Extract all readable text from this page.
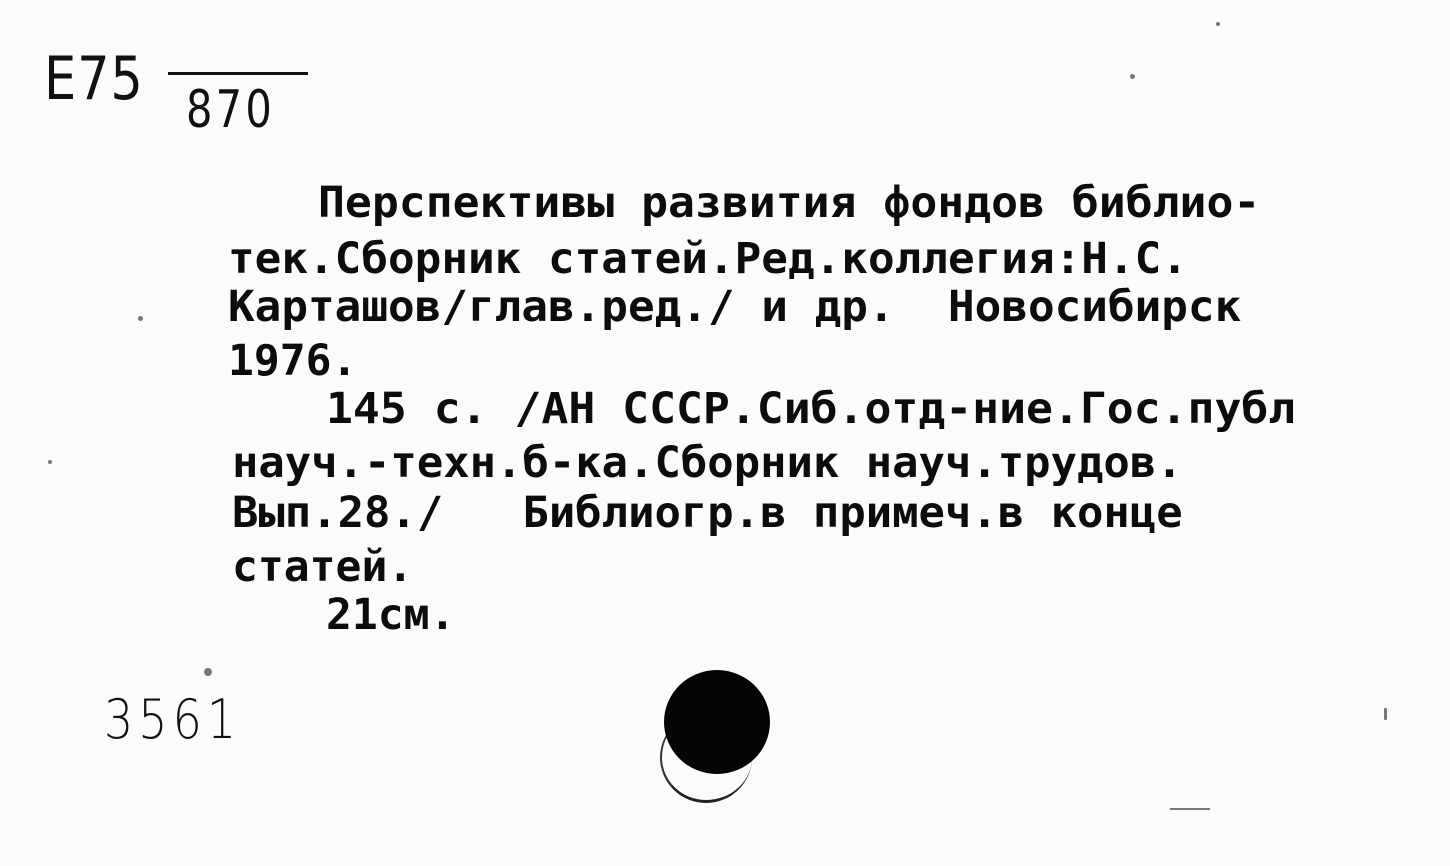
Е75 870
Перспективы развития фондов библио-
тек.Сборник статей.Ред.коллегия:Н.С.
Карташов/глав.ред./ и др.  Новосибирск
1976.
145 с. /АН СССР.Сиб.отд-ние.Гос.публ
науч.-техн.б-ка.Сборник науч.трудов.
Вып.28./   Библиогр.в примеч.в конце
статей.
21см.
3561
